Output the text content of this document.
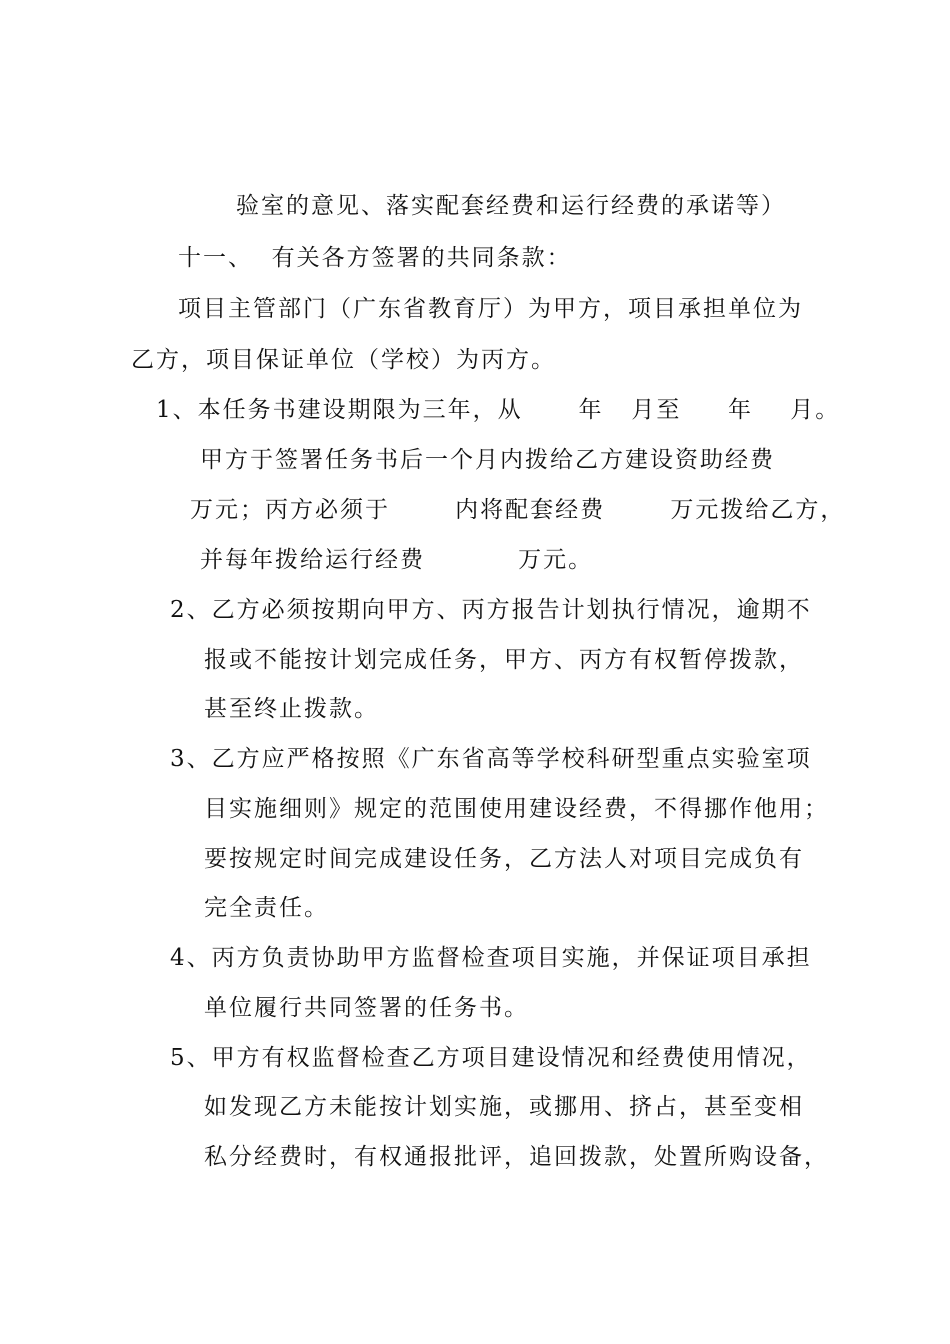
验室的意见、落实配套经费和运行经费的承诺等）
十一、  有关各方签署的共同条款：
项目主管部门（广东省教育厅）为甲方，项目承担单位为
乙方，项目保证单位（学校）为丙方。
1、本任务书建设期限为三年，从      年   月至     年    月。
甲方于签署任务书后一个月内拨给乙方建设资助经费
万元；丙方必须于       内将配套经费       万元拨给乙方，
并每年拨给运行经费          万元。
2、乙方必须按期向甲方、丙方报告计划执行情况，逾期不
报或不能按计划完成任务，甲方、丙方有权暂停拨款，
甚至终止拨款。
3、乙方应严格按照《广东省高等学校科研型重点实验室项
目实施细则》规定的范围使用建设经费，不得挪作他用；
要按规定时间完成建设任务，乙方法人对项目完成负有
完全责任。
4、丙方负责协助甲方监督检查项目实施，并保证项目承担
单位履行共同签署的任务书。
5、甲方有权监督检查乙方项目建设情况和经费使用情况，
如发现乙方未能按计划实施，或挪用、挤占，甚至变相
私分经费时，有权通报批评，追回拨款，处置所购设备，
